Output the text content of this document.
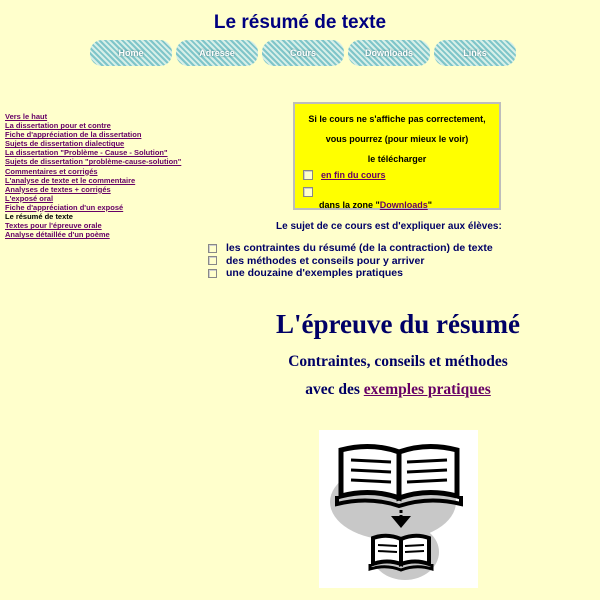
Le résumé de texte
Home	Adresse	Cours	Downloads	Links
Vers le haut
La dissertation pour et contre
Fiche d'appréciation de la dissertation
Sujets de dissertation dialectique
La dissertation "Problème - Cause - Solution"
Sujets de dissertation "problème-cause-solution"
Commentaires et corrigés
L'analyse de texte et le commentaire
Analyses de textes + corrigés
L'exposé oral
Fiche d'appréciation d'un exposé
Le résumé de texte
Textes pour l'épreuve orale
Analyse détaillée d'un poème
Si le cours ne s'affiche pas correctement,
vous pourrez (pour mieux le voir)
le télécharger
en fin du cours
dans la zone " Downloads "
Le sujet de ce cours est d'expliquer aux élèves:
les contraintes du résumé (de la contraction) de texte
des méthodes et conseils pour y arriver
une douzaine d'exemples pratiques
L'épreuve du résumé
Contraintes, conseils et méthodes
avec des exemples pratiques
